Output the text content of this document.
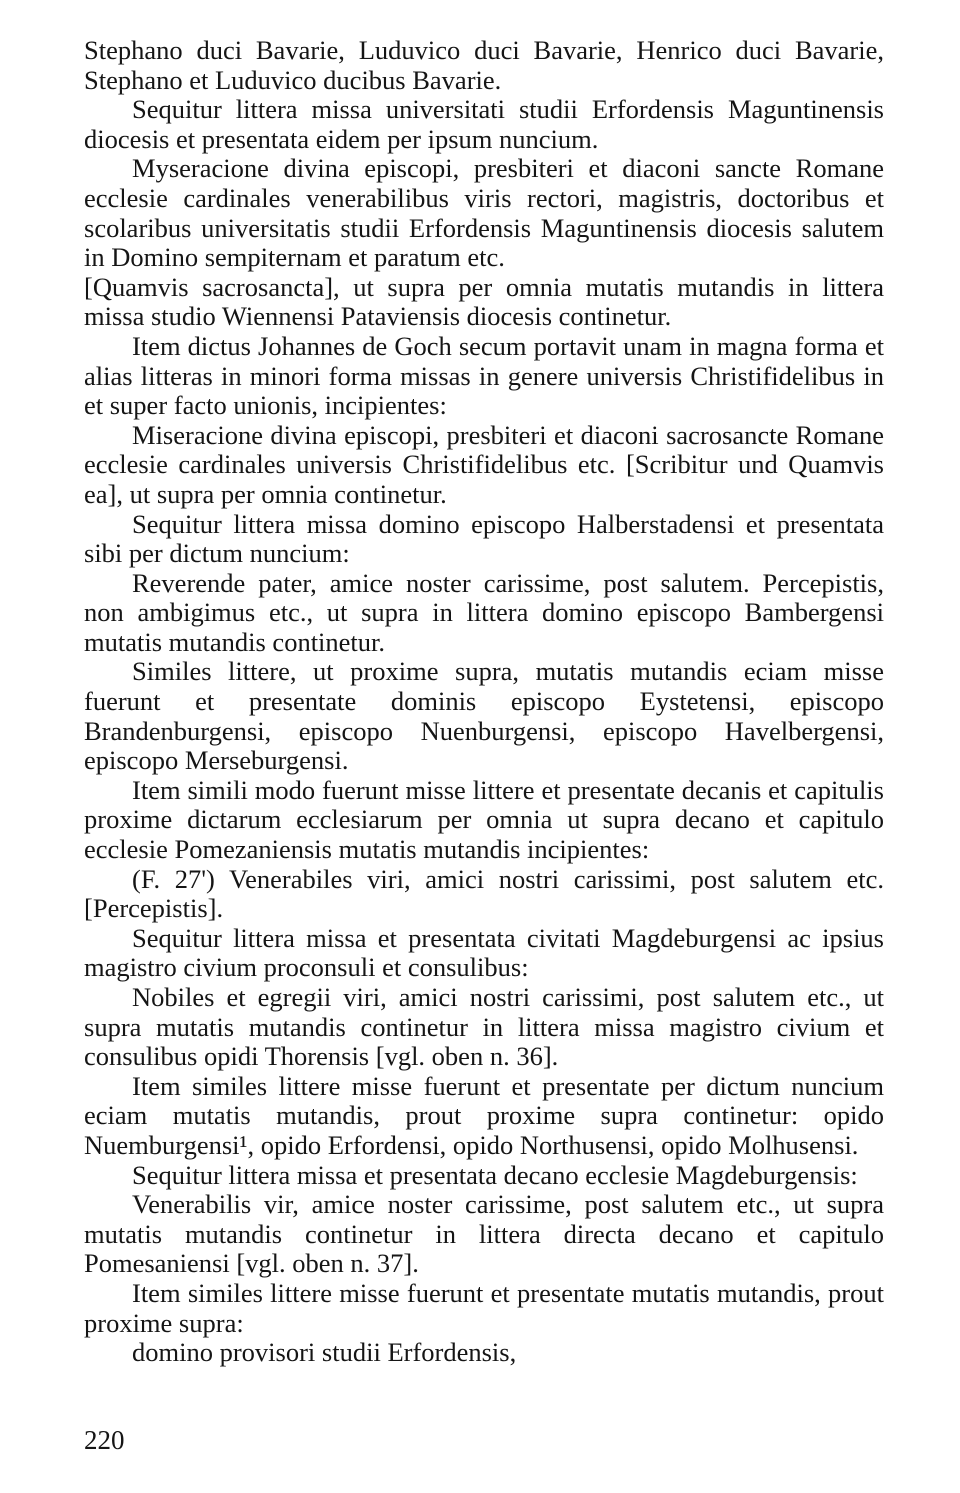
Stephano duci Bavarie, Luduvico duci Bavarie, Henrico duci Bavarie, Stephano et Luduvico ducibus Bavarie.

Sequitur littera missa universitati studii Erfordensis Maguntinensis diocesis et presentata eidem per ipsum nuncium.

Myseracione divina episcopi, presbiteri et diaconi sancte Romane ecclesie cardinales venerabilibus viris rectori, magistris, doctoribus et scolaribus universitatis studii Erfordensis Maguntinensis diocesis salutem in Domino sempiternam et paratum etc.

[Quamvis sacrosancta], ut supra per omnia mutatis mutandis in littera missa studio Wiennensi Pataviensis diocesis continetur.

Item dictus Johannes de Goch secum portavit unam in magna forma et alias litteras in minori forma missas in genere universis Christifidelibus in et super facto unionis, incipientes:

Miseracione divina episcopi, presbiteri et diaconi sacrosancte Romane ecclesie cardinales universis Christifidelibus etc. [Scribitur und Quamvis ea], ut supra per omnia continetur.

Sequitur littera missa domino episcopo Halberstadensi et presentata sibi per dictum nuncium:

Reverende pater, amice noster carissime, post salutem. Percepistis, non ambigimus etc., ut supra in littera domino episcopo Bambergensi mutatis mutandis continetur.

Similes littere, ut proxime supra, mutatis mutandis eciam misse fuerunt et presentate dominis episcopo Eystetensi, episcopo Brandenburgensi, episcopo Nuenburgensi, episcopo Havelbergensi, episcopo Merseburgensi.

Item simili modo fuerunt misse littere et presentate decanis et capitulis proxime dictarum ecclesiarum per omnia ut supra decano et capitulo ecclesie Pomezaniensis mutatis mutandis incipientes:

(F. 27') Venerabiles viri, amici nostri carissimi, post salutem etc. [Percepistis].

Sequitur littera missa et presentata civitati Magdeburgensi ac ipsius magistro civium proconsuli et consulibus:

Nobiles et egregii viri, amici nostri carissimi, post salutem etc., ut supra mutatis mutandis continetur in littera missa magistro civium et consulibus opidi Thorensis [vgl. oben n. 36].

Item similes littere misse fuerunt et presentate per dictum nuncium eciam mutatis mutandis, prout proxime supra continetur: opido Nuemburgensi¹, opido Erfordensi, opido Northusensi, opido Molhusensi.

Sequitur littera missa et presentata decano ecclesie Magdeburgensis:

Venerabilis vir, amice noster carissime, post salutem etc., ut supra mutatis mutandis continetur in littera directa decano et capitulo Pomesaniensi [vgl. oben n. 37].

Item similes littere misse fuerunt et presentate mutatis mutandis, prout proxime supra:

domino provisori studii Erfordensis,

220
